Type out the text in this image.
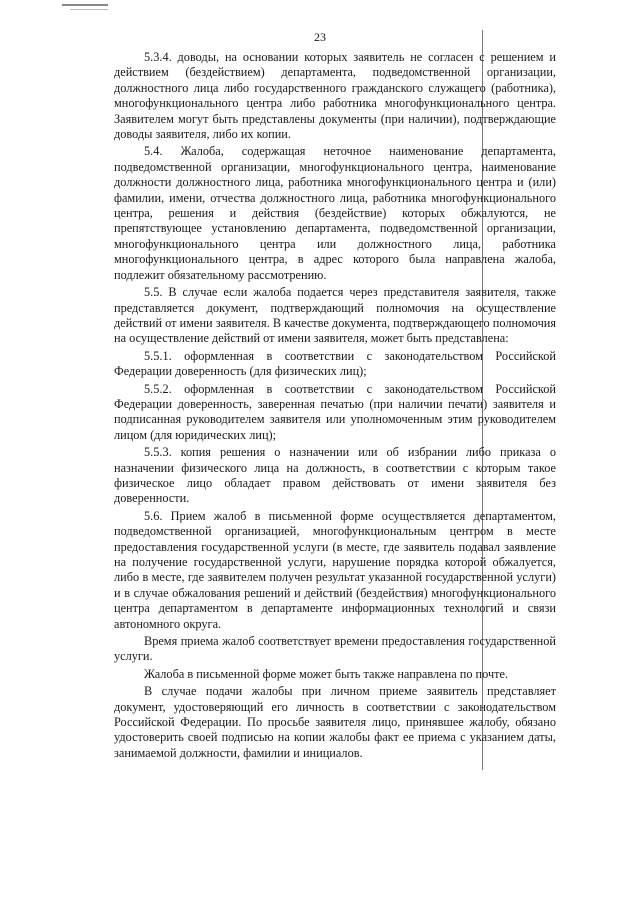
23

5.3.4. доводы, на основании которых заявитель не согласен с решением и действием (бездействием) департамента, подведомственной организации, должностного лица либо государственного гражданского служащего (работника), многофункционального центра либо работника многофункционального центра. Заявителем могут быть представлены документы (при наличии), подтверждающие доводы заявителя, либо их копии.

5.4. Жалоба, содержащая неточное наименование департамента, подведомственной организации, многофункционального центра, наименование должности должностного лица, работника многофункционального центра и (или) фамилии, имени, отчества должностного лица, работника многофункционального центра, решения и действия (бездействие) которых обжалуются, не препятствующее установлению департамента, подведомственной организации, многофункционального центра или должностного лица, работника многофункционального центра, в адрес которого была направлена жалоба, подлежит обязательному рассмотрению.

5.5. В случае если жалоба подается через представителя заявителя, также представляется документ, подтверждающий полномочия на осуществление действий от имени заявителя. В качестве документа, подтверждающего полномочия на осуществление действий от имени заявителя, может быть представлена:

5.5.1. оформленная в соответствии с законодательством Российской Федерации доверенность (для физических лиц);

5.5.2. оформленная в соответствии с законодательством Российской Федерации доверенность, заверенная печатью (при наличии печати) заявителя и подписанная руководителем заявителя или уполномоченным этим руководителем лицом (для юридических лиц);

5.5.3. копия решения о назначении или об избрании либо приказа о назначении физического лица на должность, в соответствии с которым такое физическое лицо обладает правом действовать от имени заявителя без доверенности.

5.6. Прием жалоб в письменной форме осуществляется департаментом, подведомственной организацией, многофункциональным центром в месте предоставления государственной услуги (в месте, где заявитель подавал заявление на получение государственной услуги, нарушение порядка которой обжалуется, либо в месте, где заявителем получен результат указанной государственной услуги) и в случае обжалования решений и действий (бездействия) многофункционального центра департаментом в департаменте информационных технологий и связи автономного округа.

Время приема жалоб соответствует времени предоставления государственной услуги.

Жалоба в письменной форме может быть также направлена по почте.

В случае подачи жалобы при личном приеме заявитель представляет документ, удостоверяющий его личность в соответствии с законодательством Российской Федерации. По просьбе заявителя лицо, принявшее жалобу, обязано удостоверить своей подписью на копии жалобы факт ее приема с указанием даты, занимаемой должности, фамилии и инициалов.
